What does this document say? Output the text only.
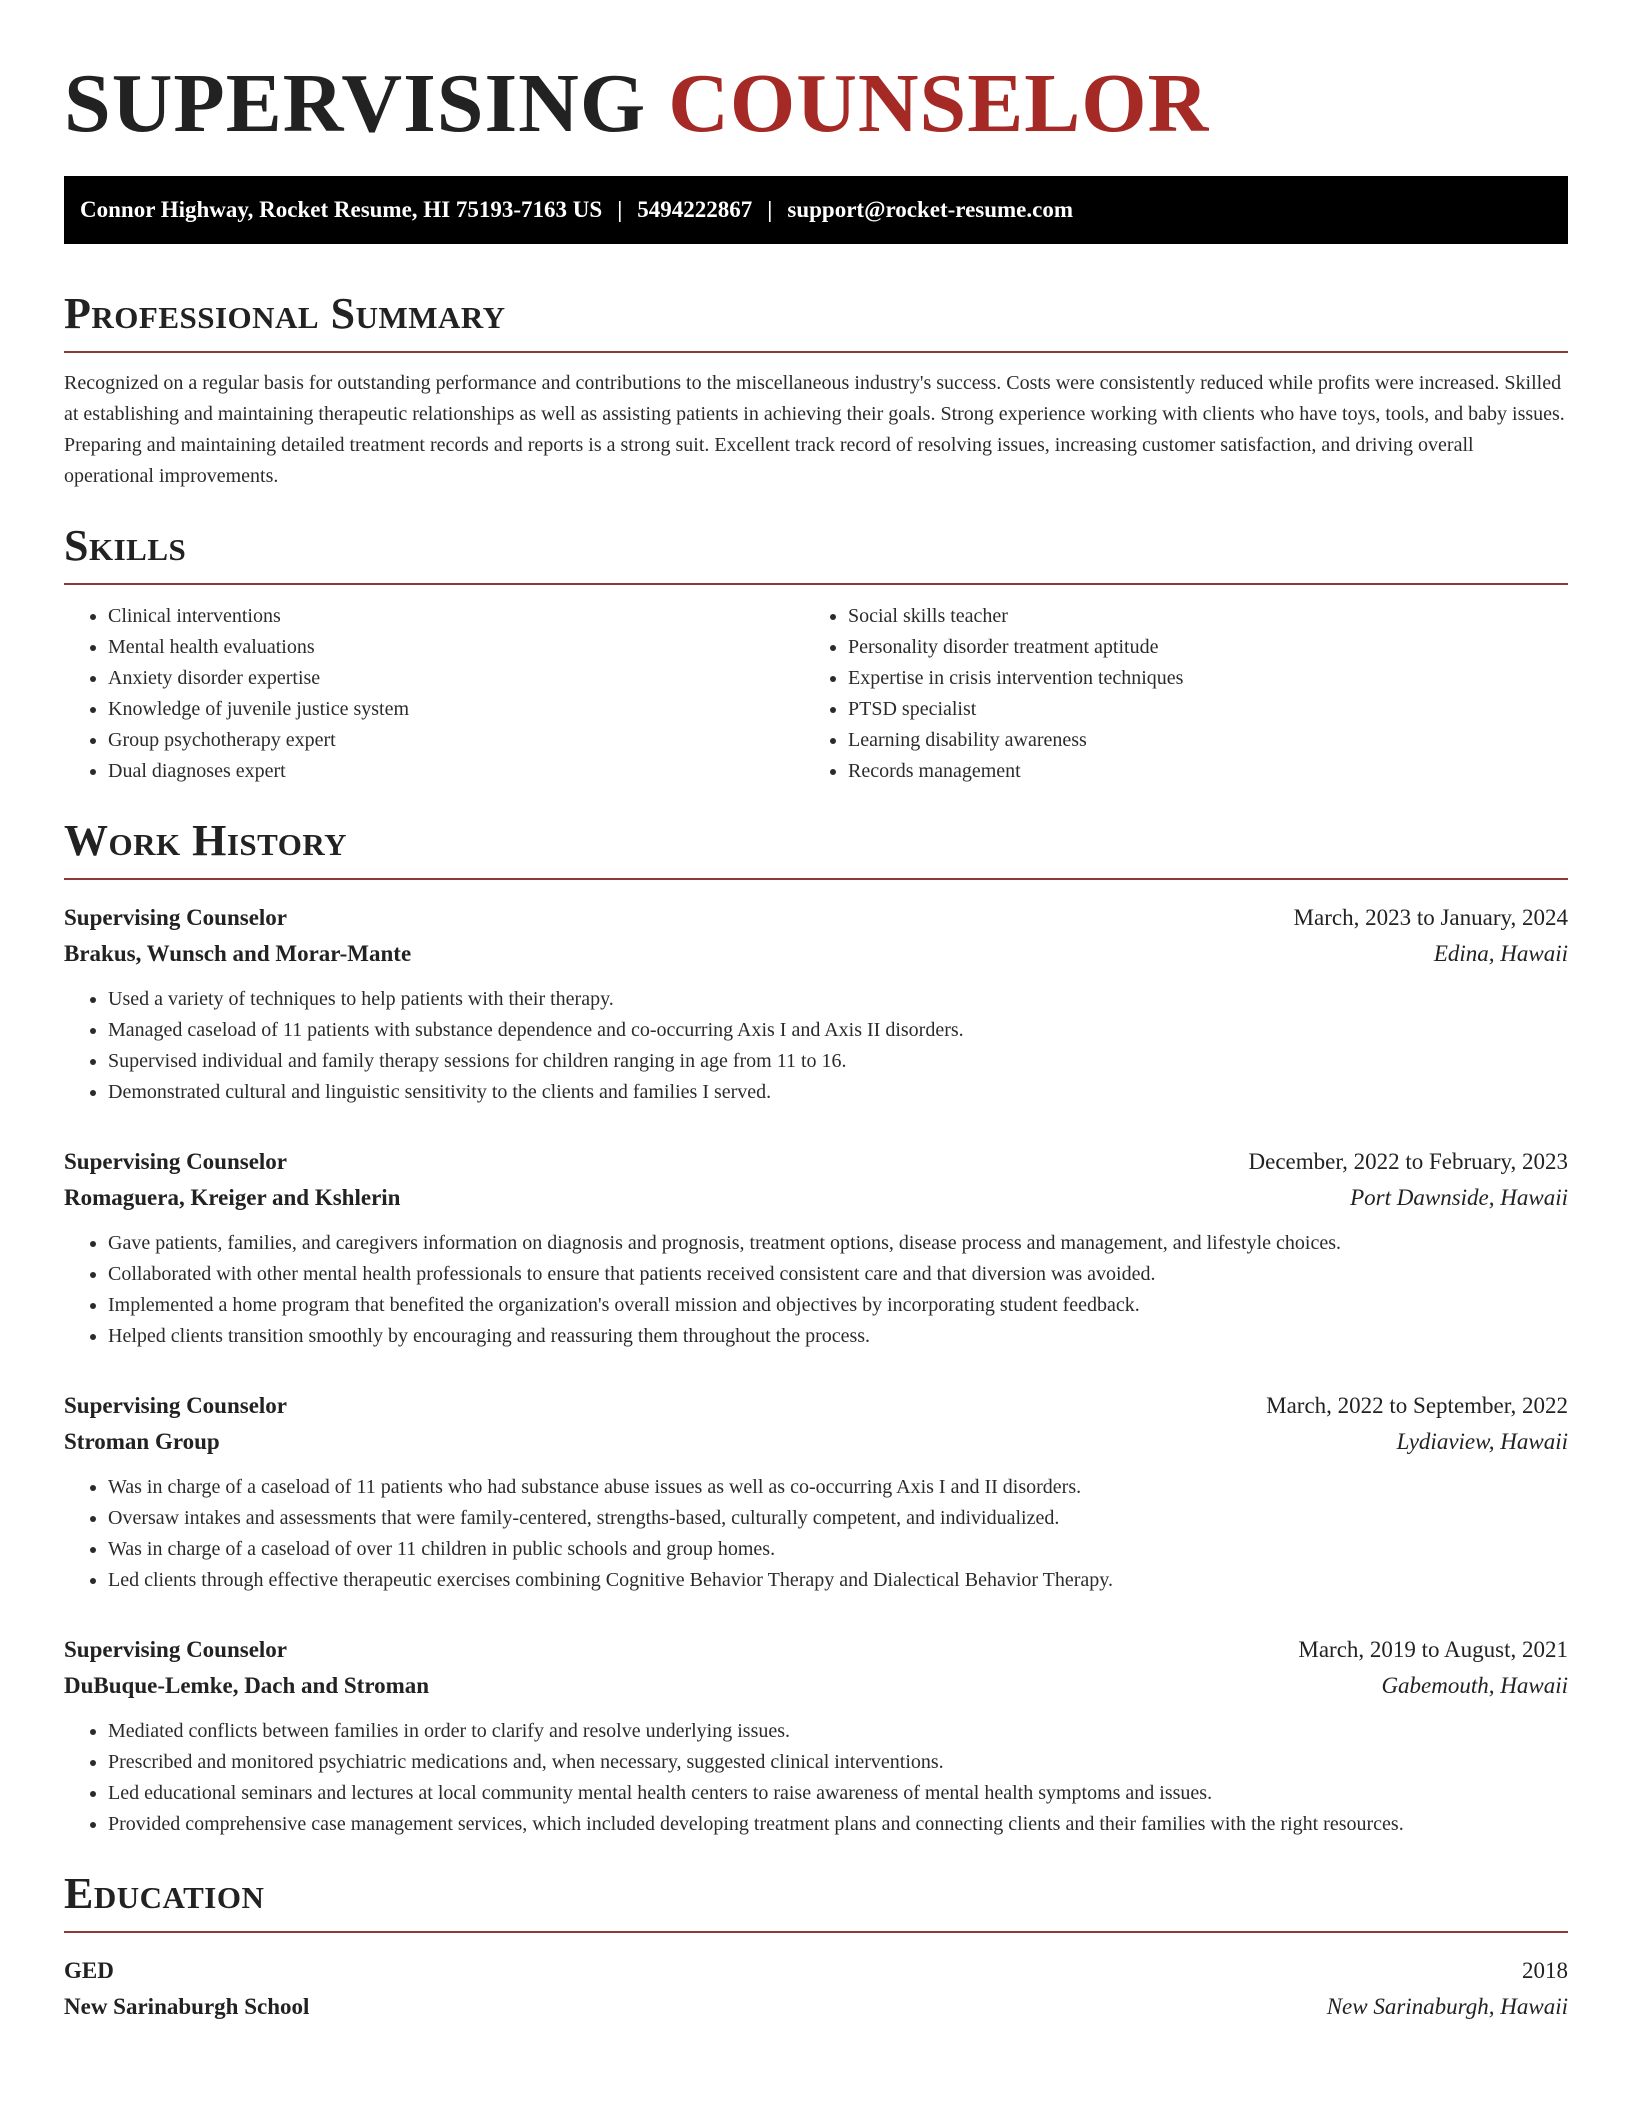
SUPERVISING COUNSELOR
Connor Highway, Rocket Resume, HI 75193-7163 US | 5494222867 | support@rocket-resume.com
Professional Summary

Recognized on a regular basis for outstanding performance and contributions to the miscellaneous industry's success. Costs were consistently reduced while profits were increased. Skilled at establishing and maintaining therapeutic relationships as well as assisting patients in achieving their goals. Strong experience working with clients who have toys, tools, and baby issues. Preparing and maintaining detailed treatment records and reports is a strong suit. Excellent track record of resolving issues, increasing customer satisfaction, and driving overall operational improvements.

Skills
• Clinical interventions
• Mental health evaluations
• Anxiety disorder expertise
• Knowledge of juvenile justice system
• Group psychotherapy expert
• Dual diagnoses expert
• Social skills teacher
• Personality disorder treatment aptitude
• Expertise in crisis intervention techniques
• PTSD specialist
• Learning disability awareness
• Records management
Work History
Supervising Counselor	March, 2023 to January, 2024
Brakus, Wunsch and Morar-Mante	Edina, Hawaii
• Used a variety of techniques to help patients with their therapy.
• Managed caseload of 11 patients with substance dependence and co-occurring Axis I and Axis II disorders.
• Supervised individual and family therapy sessions for children ranging in age from 11 to 16.
• Demonstrated cultural and linguistic sensitivity to the clients and families I served.
Supervising Counselor	December, 2022 to February, 2023
Romaguera, Kreiger and Kshlerin	Port Dawnside, Hawaii
• Gave patients, families, and caregivers information on diagnosis and prognosis, treatment options, disease process and management, and lifestyle choices.
• Collaborated with other mental health professionals to ensure that patients received consistent care and that diversion was avoided.
• Implemented a home program that benefited the organization's overall mission and objectives by incorporating student feedback.
• Helped clients transition smoothly by encouraging and reassuring them throughout the process.
Supervising Counselor	March, 2022 to September, 2022
Stroman Group	Lydiaview, Hawaii
• Was in charge of a caseload of 11 patients who had substance abuse issues as well as co-occurring Axis I and II disorders.
• Oversaw intakes and assessments that were family-centered, strengths-based, culturally competent, and individualized.
• Was in charge of a caseload of over 11 children in public schools and group homes.
• Led clients through effective therapeutic exercises combining Cognitive Behavior Therapy and Dialectical Behavior Therapy.
Supervising Counselor	March, 2019 to August, 2021
DuBuque-Lemke, Dach and Stroman	Gabemouth, Hawaii
• Mediated conflicts between families in order to clarify and resolve underlying issues.
• Prescribed and monitored psychiatric medications and, when necessary, suggested clinical interventions.
• Led educational seminars and lectures at local community mental health centers to raise awareness of mental health symptoms and issues.
• Provided comprehensive case management services, which included developing treatment plans and connecting clients and their families with the right resources.
Education
GED	2018
New Sarinaburgh School	New Sarinaburgh, Hawaii
